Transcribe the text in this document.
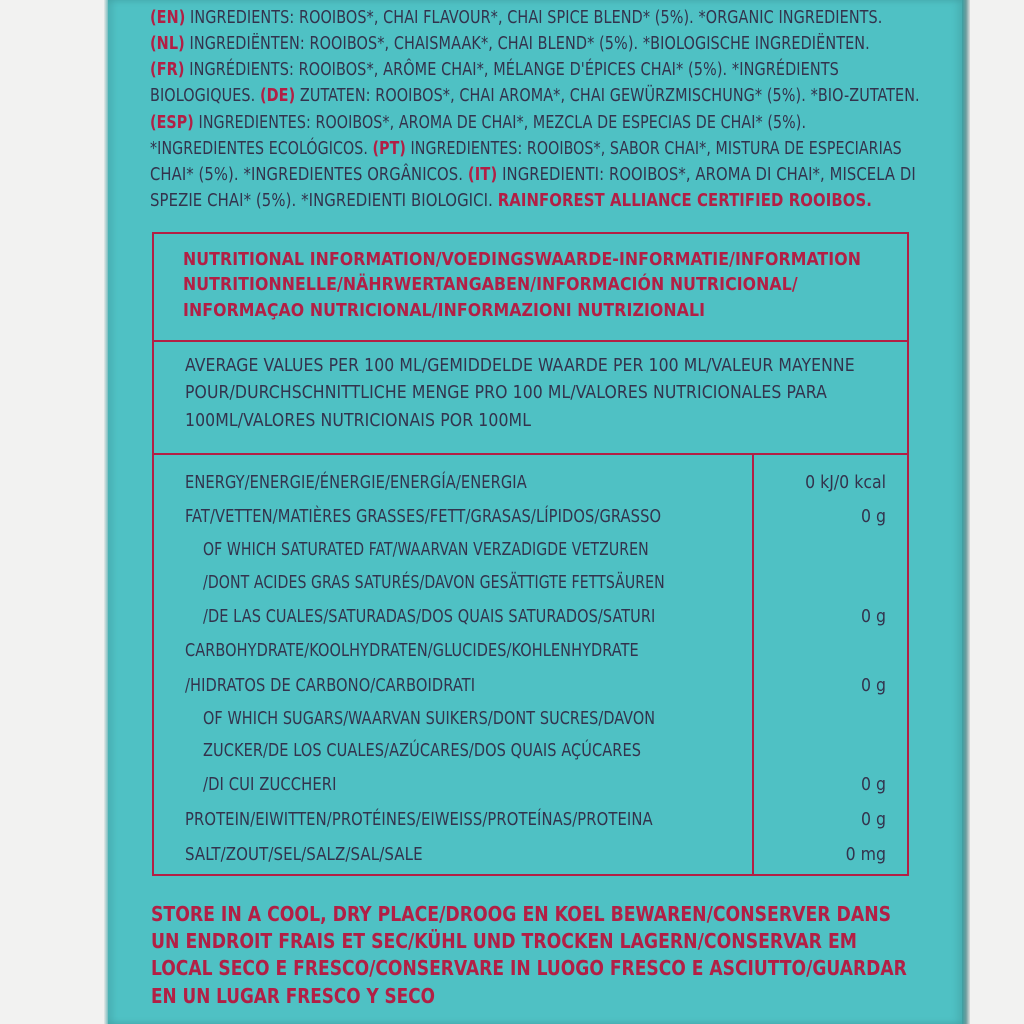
(EN) INGREDIENTS: ROOIBOS*, CHAI FLAVOUR*, CHAI SPICE BLEND* (5%). *ORGANIC INGREDIENTS.
(NL) INGREDIËNTEN: ROOIBOS*, CHAISMAAK*, CHAI BLEND* (5%). *BIOLOGISCHE INGREDIËNTEN.
(FR) INGRÉDIENTS: ROOIBOS*, ARÔME CHAI*, MÉLANGE D'ÉPICES CHAI* (5%). *INGRÉDIENTS
BIOLOGIQUES. (DE) ZUTATEN: ROOIBOS*, CHAI AROMA*, CHAI GEWÜRZMISCHUNG* (5%). *BIO-ZUTATEN.
(ESP) INGREDIENTES: ROOIBOS*, AROMA DE CHAI*, MEZCLA DE ESPECIAS DE CHAI* (5%).
*INGREDIENTES ECOLÓGICOS. (PT) INGREDIENTES: ROOIBOS*, SABOR CHAI*, MISTURA DE ESPECIARIAS
CHAI* (5%). *INGREDIENTES ORGÂNICOS. (IT) INGREDIENTI: ROOIBOS*, AROMA DI CHAI*, MISCELA DI
SPEZIE CHAI* (5%). *INGREDIENTI BIOLOGICI. RAINFOREST ALLIANCE CERTIFIED ROOIBOS.
NUTRITIONAL INFORMATION/VOEDINGSWAARDE-INFORMATIE/INFORMATION
NUTRITIONNELLE/NÄHRWERTANGABEN/INFORMACIÓN NUTRICIONAL/
INFORMAÇAO NUTRICIONAL/INFORMAZIONI NUTRIZIONALI
AVERAGE VALUES PER 100 ML/GEMIDDELDE WAARDE PER 100 ML/VALEUR MAYENNE
POUR/DURCHSCHNITTLICHE MENGE PRO 100 ML/VALORES NUTRICIONALES PARA
100ML/VALORES NUTRICIONAIS POR 100ML
ENERGY/ENERGIE/ÉNERGIE/ENERGÍA/ENERGIA	0 kJ/0 kcal
FAT/VETTEN/MATIÈRES GRASSES/FETT/GRASAS/LÍPIDOS/GRASSO	0 g
OF WHICH SATURATED FAT/WAARVAN VERZADIGDE VETZUREN
/DONT ACIDES GRAS SATURÉS/DAVON GESÄTTIGTE FETTSÄUREN
/DE LAS CUALES/SATURADAS/DOS QUAIS SATURADOS/SATURI	0 g
CARBOHYDRATE/KOOLHYDRATEN/GLUCIDES/KOHLENHYDRATE
/HIDRATOS DE CARBONO/CARBOIDRATI	0 g
OF WHICH SUGARS/WAARVAN SUIKERS/DONT SUCRES/DAVON
ZUCKER/DE LOS CUALES/AZÚCARES/DOS QUAIS AÇÚCARES
/DI CUI ZUCCHERI	0 g
PROTEIN/EIWITTEN/PROTÉINES/EIWEISS/PROTEÍNAS/PROTEINA	0 g
SALT/ZOUT/SEL/SALZ/SAL/SALE	0 mg
STORE IN A COOL, DRY PLACE/DROOG EN KOEL BEWAREN/CONSERVER DANS
UN ENDROIT FRAIS ET SEC/KÜHL UND TROCKEN LAGERN/CONSERVAR EM
LOCAL SECO E FRESCO/CONSERVARE IN LUOGO FRESCO E ASCIUTTO/GUARDAR
EN UN LUGAR FRESCO Y SECO
